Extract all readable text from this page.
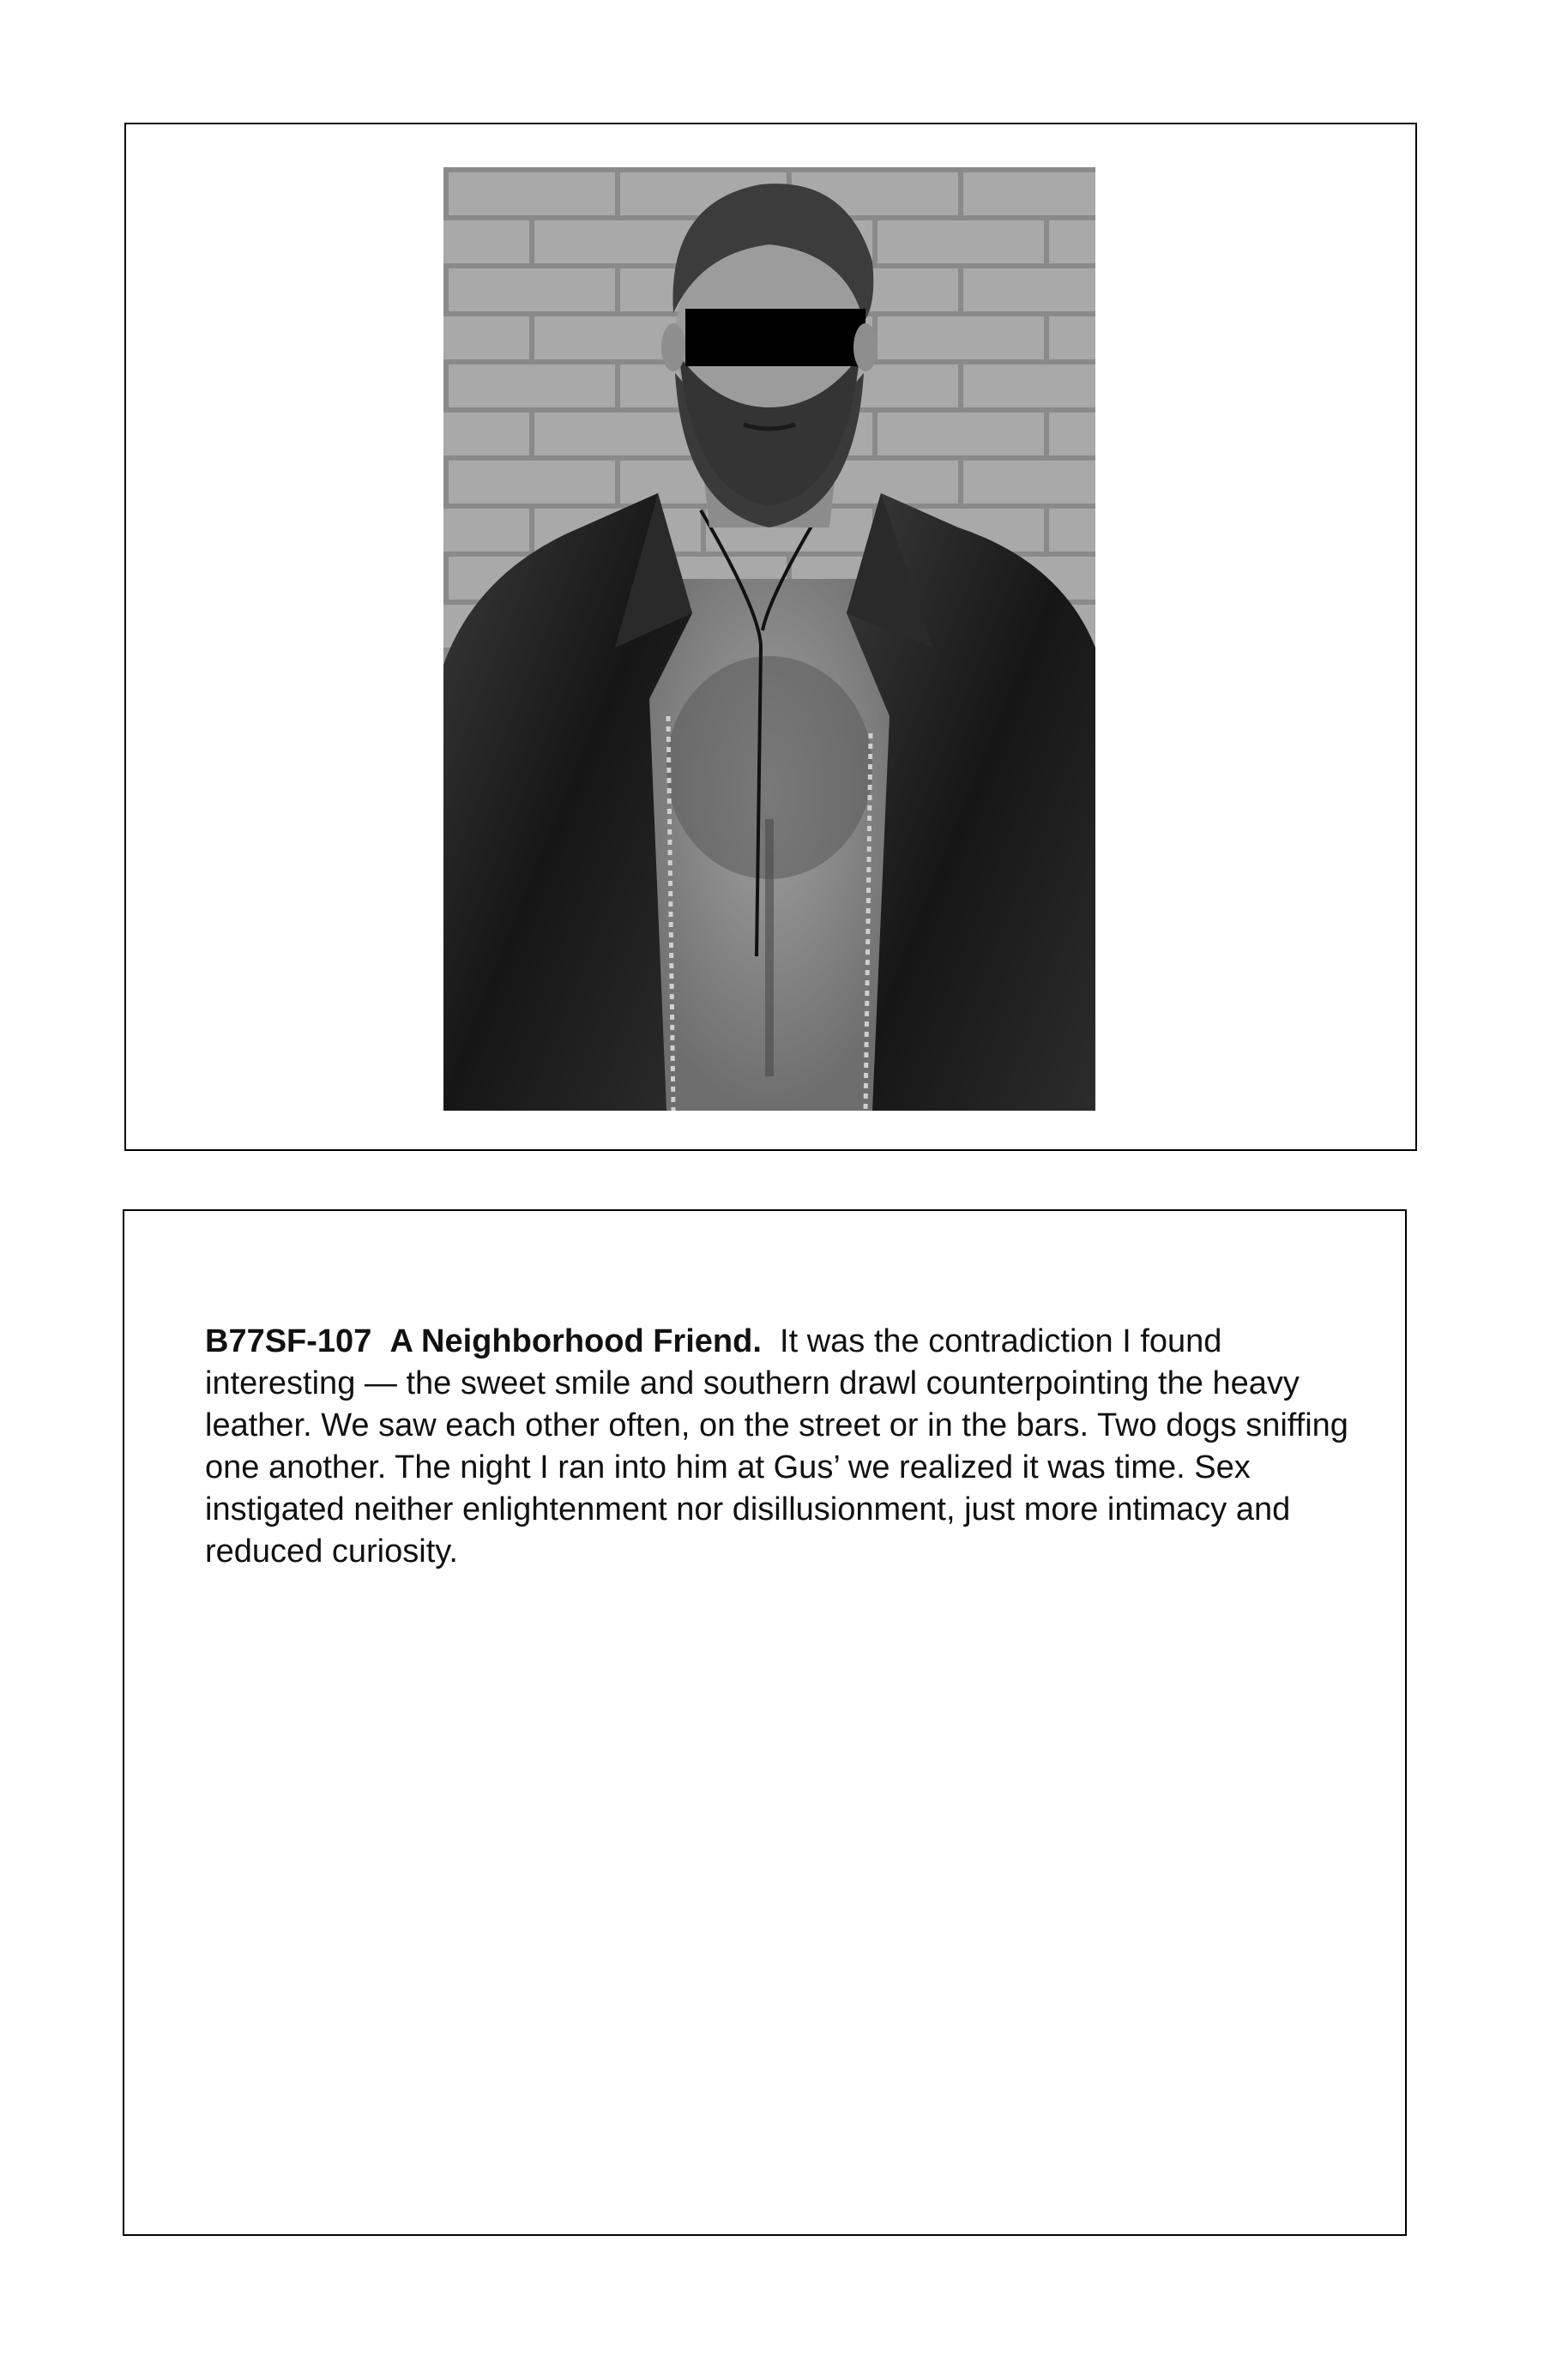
B77SF-107 A Neighborhood Friend. It was the contradiction I found interesting — the sweet smile and southern drawl counterpointing the heavy leather. We saw each other often, on the street or in the bars. Two dogs sniffing one another. The night I ran into him at Gus’ we realized it was time. Sex instigated neither enlightenment nor disillusionment, just more intimacy and reduced curiosity.
